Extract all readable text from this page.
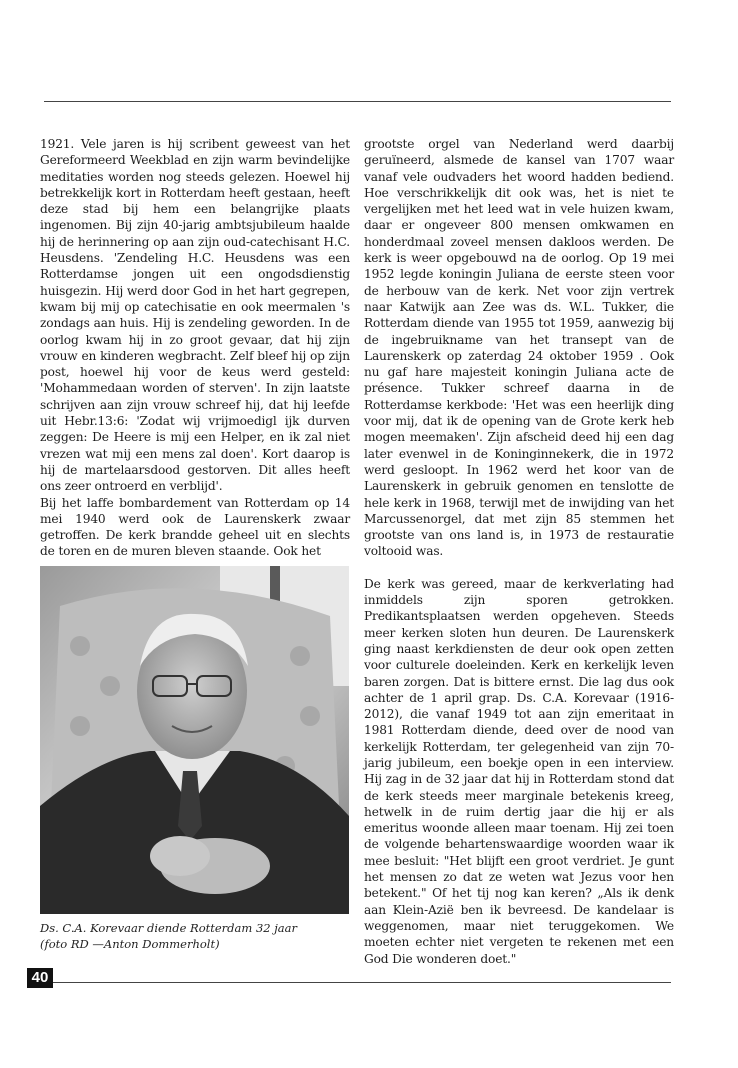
1921. Vele jaren is hij scribent geweest van het Gereformeerd Weekblad en zijn warm bevindelijke meditaties worden nog steeds gelezen. Hoewel hij betrekkelijk kort in Rotterdam heeft gestaan, heeft deze stad bij hem een belangrijke plaats ingenomen. Bij zijn 40-jarig ambtsjubileum haalde hij de herinnering op aan zijn oud-catechisant H.C. Heusdens. 'Zendeling H.C. Heusdens was een Rotterdamse jongen uit een ongodsdienstig huisgezin. Hij werd door God in het hart gegrepen, kwam bij mij op catechisatie en ook meermalen 's zondags aan huis. Hij is zendeling geworden. In de oorlog kwam hij in zo groot gevaar, dat hij zijn vrouw en kinderen wegbracht. Zelf bleef hij op zijn post, hoewel hij voor de keus werd gesteld: 'Mohammedaan worden of sterven'. In zijn laatste schrijven aan zijn vrouw schreef hij, dat hij leefde uit Hebr.13:6: 'Zodat wij vrijmoedigl ijk durven zeggen: De Heere is mij een Helper, en ik zal niet vrezen wat mij een mens zal doen'. Kort daarop is hij de martelaarsdood gestorven. Dit alles heeft ons zeer ontroerd en verblijd'.

Bij het laffe bombardement van Rotterdam op 14 mei 1940 werd ook de Laurenskerk zwaar getroffen. De kerk brandde geheel uit en slechts de toren en de muren bleven staande. Ook het

Ds. C.A. Korevaar diende Rotterdam 32 jaar
(foto RD —Anton Dommerholt)

grootste orgel van Nederland werd daarbij geruïneerd, alsmede de kansel van 1707 waar vanaf vele oudvaders het woord hadden bediend. Hoe verschrikkelijk dit ook was, het is niet te vergelijken met het leed wat in vele huizen kwam, daar er ongeveer 800 mensen omkwamen en honderdmaal zoveel mensen dakloos werden. De kerk is weer opgebouwd na de oorlog. Op 19 mei 1952 legde koningin Juliana de eerste steen voor de herbouw van de kerk. Net voor zijn vertrek naar Katwijk aan Zee was ds. W.L. Tukker, die Rotterdam diende van 1955 tot 1959, aanwezig bij de ingebruikname van het transept van de Laurenskerk op zaterdag 24 oktober 1959 . Ook nu gaf hare majesteit koningin Juliana acte de présence. Tukker schreef daarna in de Rotterdamse kerkbode: 'Het was een heerlijk ding voor mij, dat ik de opening van de Grote kerk heb mogen meemaken'. Zijn afscheid deed hij een dag later evenwel in de Koninginnekerk, die in 1972 werd gesloopt. In 1962 werd het koor van de Laurenskerk in gebruik genomen en tenslotte de hele kerk in 1968, terwijl met de inwijding van het Marcussenorgel, dat met zijn 85 stemmen het grootste van ons land is, in 1973 de restauratie voltooid was.

De kerk was gereed, maar de kerkverlating had inmiddels zijn sporen getrokken. Predikantsplaatsen werden opgeheven. Steeds meer kerken sloten hun deuren. De Laurenskerk ging naast kerkdiensten de deur ook open zetten voor culturele doeleinden. Kerk en kerkelijk leven baren zorgen. Dat is bittere ernst. Die lag dus ook achter de 1 april grap. Ds. C.A. Korevaar (1916-2012), die vanaf 1949 tot aan zijn emeritaat in 1981 Rotterdam diende, deed over de nood van kerkelijk Rotterdam, ter gelegenheid van zijn 70-jarig jubileum, een boekje open in een interview. Hij zag in de 32 jaar dat hij in Rotterdam stond dat de kerk steeds meer marginale betekenis kreeg, hetwelk in de ruim dertig jaar die hij er als emeritus woonde alleen maar toenam. Hij zei toen de volgende behartenswaardige woorden waar ik mee besluit: "Het blijft een groot verdriet. Je gunt het mensen zo dat ze weten wat Jezus voor hen betekent." Of het tij nog kan keren? „Als ik denk aan Klein-Azië ben ik bevreesd. De kandelaar is weggenomen, maar niet teruggekomen. We moeten echter niet vergeten te rekenen met een God Die wonderen doet."

40
